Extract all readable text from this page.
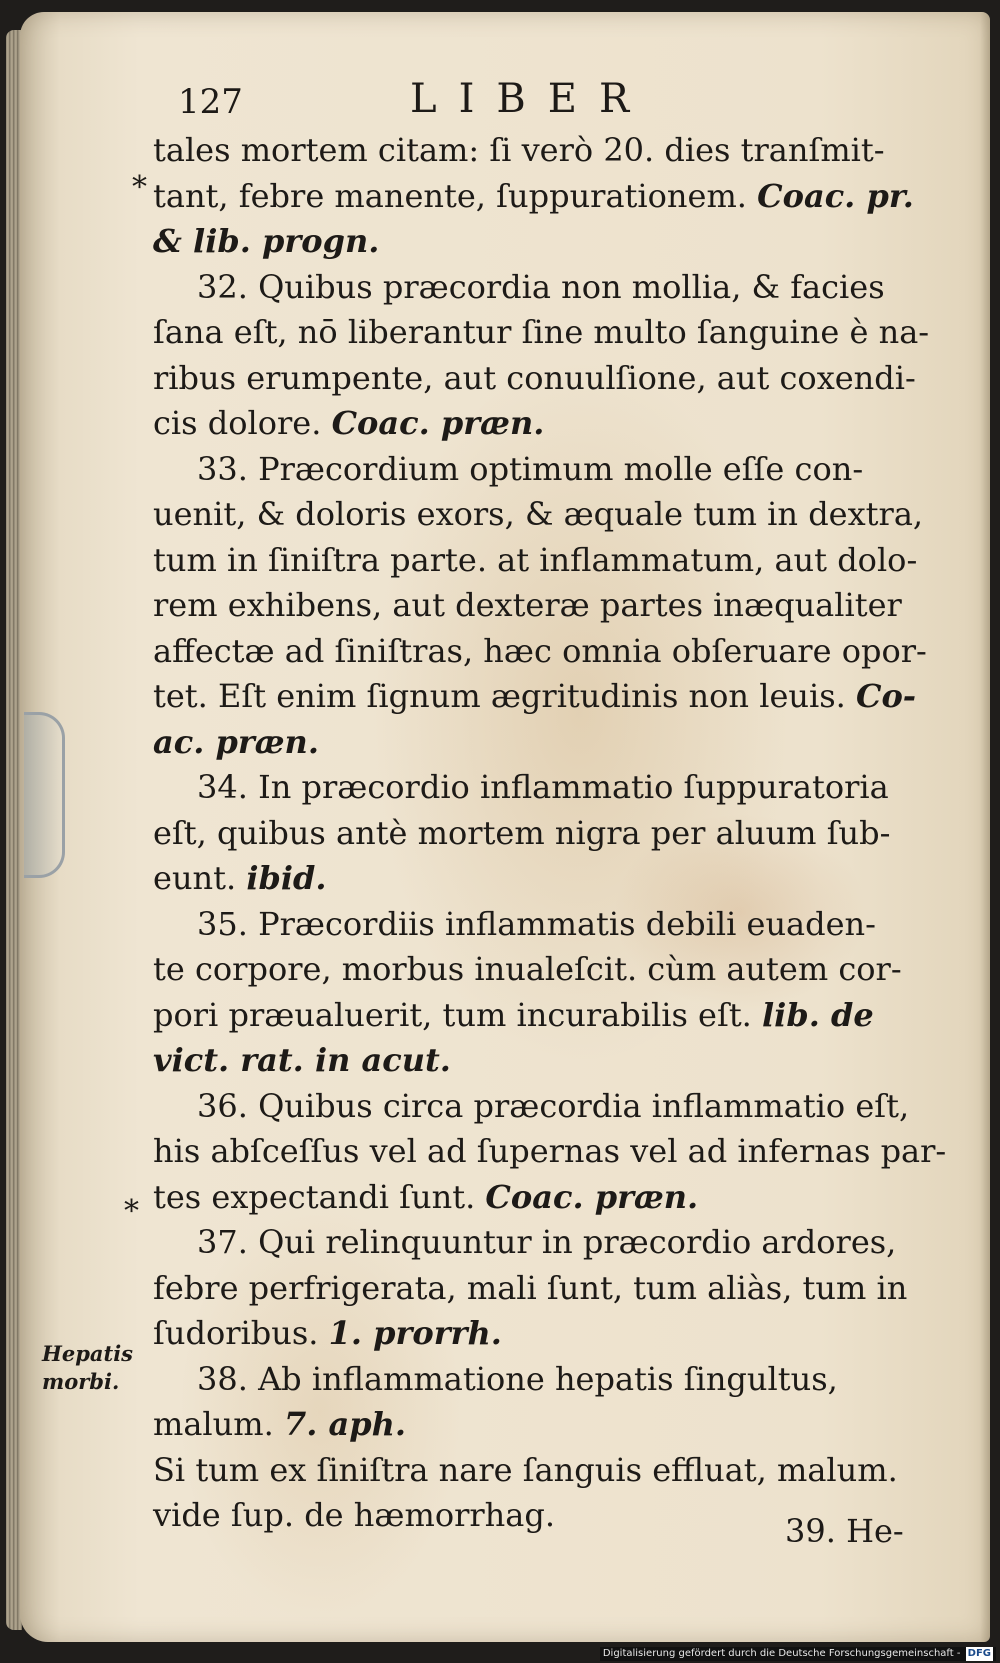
127	LIBER
*
*
Hepatis
morbi.

tales mortem citam: ſi verò 20. dies tranſmit-

tant, febre manente, ſuppurationem. Coac. pr.

& lib. progn.

32. Quibus præcordia non mollia, & facies

ſana eſt, nō liberantur ſine multo ſanguine è na-

ribus erumpente, aut conuulſione, aut coxendi-

cis dolore. Coac. præn.

33. Præcordium optimum molle eſſe con-

uenit, & doloris exors, & æquale tum in dextra,

tum in ſiniſtra parte. at inflammatum, aut dolo-

rem exhibens, aut dexteræ partes inæqualiter

affectæ ad ſiniſtras, hæc omnia obſeruare opor-

tet. Eſt enim ſignum ægritudinis non leuis. Co-

ac. præn.

34. In præcordio inflammatio ſuppuratoria

eſt, quibus antè mortem nigra per aluum ſub-

eunt. ibid.

35. Præcordiis inflammatis debili euaden-

te corpore, morbus inualeſcit. cùm autem cor-

pori præualuerit, tum incurabilis eſt. lib. de

vict. rat. in acut.

36. Quibus circa præcordia inflammatio eſt,

his abſceſſus vel ad ſupernas vel ad infernas par-

tes expectandi ſunt. Coac. præn.

37. Qui relinquuntur in præcordio ardores,

febre perfrigerata, mali ſunt, tum aliàs, tum in

ſudoribus. 1. prorrh.

38. Ab inflammatione hepatis ſingultus,

malum. 7. aph.

Si tum ex ſiniſtra nare ſanguis effluat, malum.

vide ſup. de hæmorrhag.	39. He-
Digitalisierung gefördert durch die Deutsche Forschungsgemeinschaft - DFG
